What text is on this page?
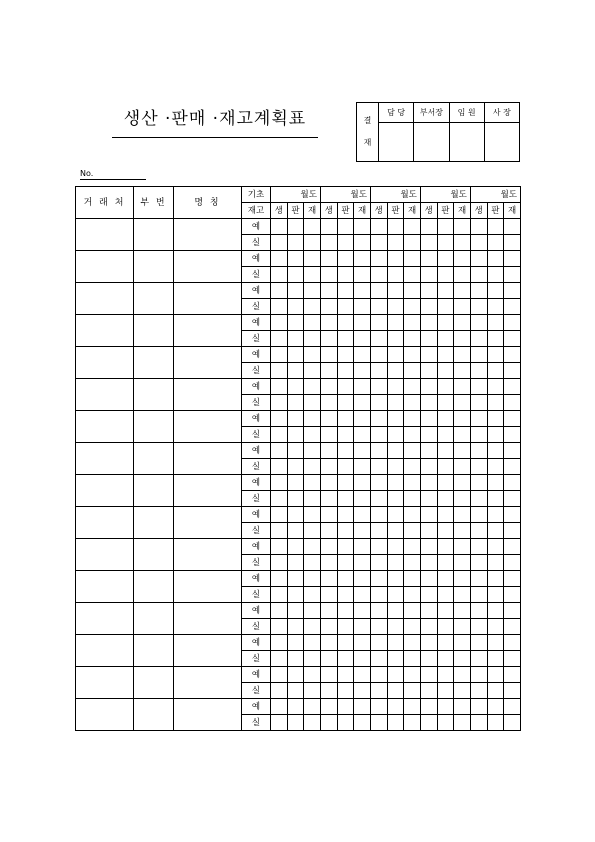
생산 ·판매 ·재고계획표	결
재	담 당	부서장	임 원	사 장

No.
거 래 처	부 번	명 칭	기초	월도			월도			월도			월도			월도		
			재고	생	판	재	생	판	재	생	판	재	생	판	재	생	판	재
			예															
			실															
			예															
			실															
			예															
			실															
			예															
			실															
			예															
			실															
			예															
			실															
			예															
			실															
			예															
			실															
			예															
			실															
			예															
			실															
			예															
			실															
			예															
			실															
			예															
			실															
			예															
			실															
			예															
			실															
			예															
			실															
